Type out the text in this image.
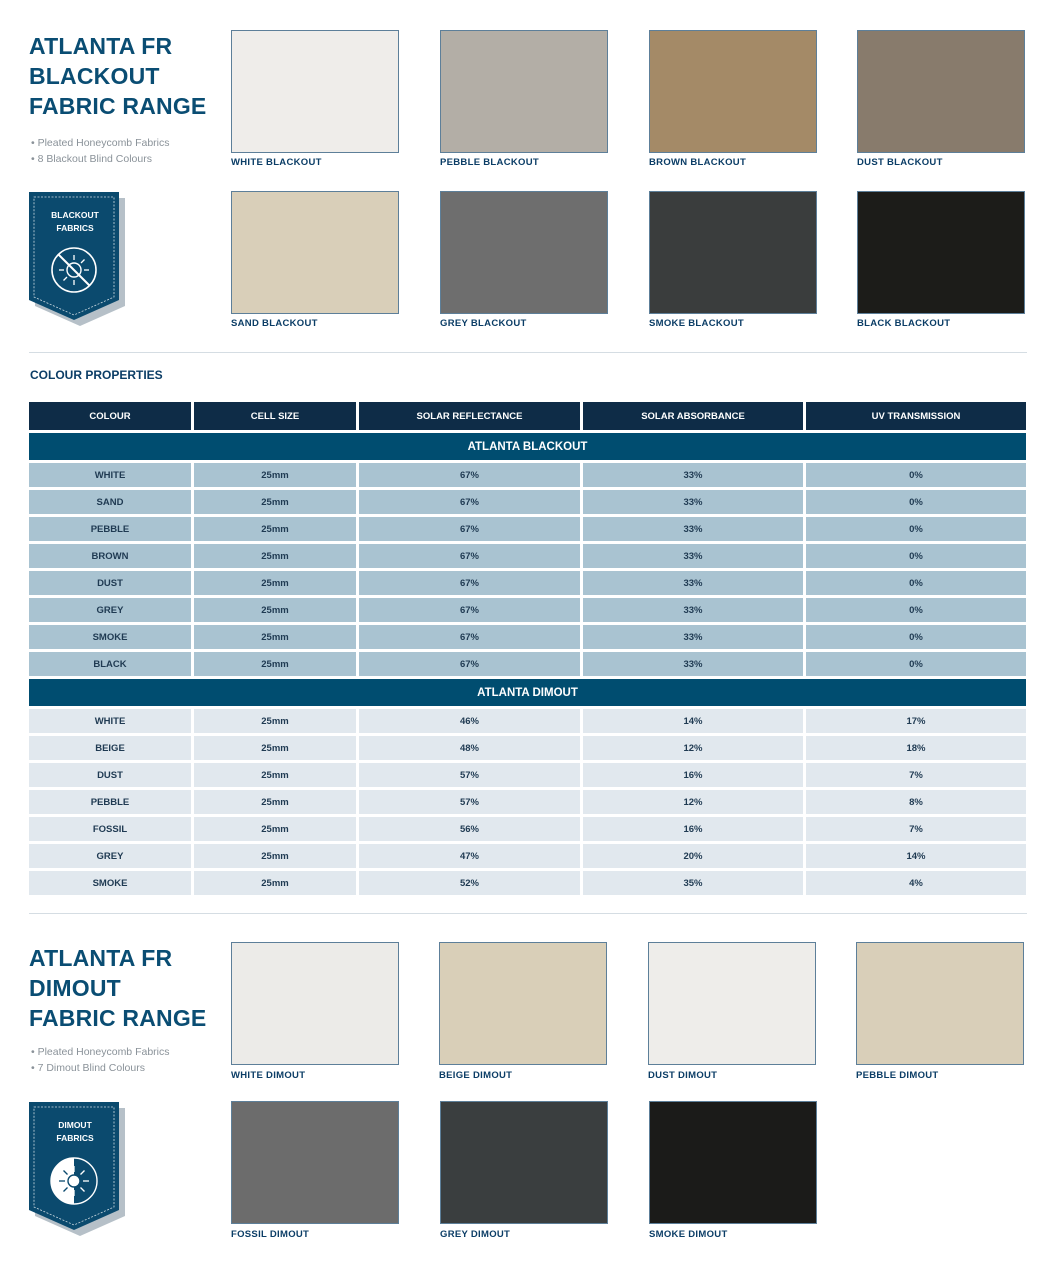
ATLANTA FR
BLACKOUT
FABRIC RANGE
• Pleated Honeycomb Fabrics
• 8 Blackout Blind Colours
BLACKOUT
FABRICS
WHITE BLACKOUT	PEBBLE BLACKOUT	BROWN BLACKOUT	DUST BLACKOUT
SAND BLACKOUT	GREY BLACKOUT	SMOKE BLACKOUT	BLACK BLACKOUT
COLOUR PROPERTIES
COLOUR	CELL SIZE	SOLAR REFLECTANCE	SOLAR ABSORBANCE	UV TRANSMISSION
ATLANTA BLACKOUT				
WHITE	25mm	67%	33%	0%
SAND	25mm	67%	33%	0%
PEBBLE	25mm	67%	33%	0%
BROWN	25mm	67%	33%	0%
DUST	25mm	67%	33%	0%
GREY	25mm	67%	33%	0%
SMOKE	25mm	67%	33%	0%
BLACK	25mm	67%	33%	0%
ATLANTA DIMOUT				
WHITE	25mm	46%	14%	17%
BEIGE	25mm	48%	12%	18%
DUST	25mm	57%	16%	7%
PEBBLE	25mm	57%	12%	8%
FOSSIL	25mm	56%	16%	7%
GREY	25mm	47%	20%	14%
SMOKE	25mm	52%	35%	4%
ATLANTA FR
DIMOUT
FABRIC RANGE
• Pleated Honeycomb Fabrics
• 7 Dimout Blind Colours
DIMOUT
FABRICS
WHITE DIMOUT	BEIGE DIMOUT	DUST DIMOUT	PEBBLE DIMOUT
FOSSIL DIMOUT	GREY DIMOUT	SMOKE DIMOUT
